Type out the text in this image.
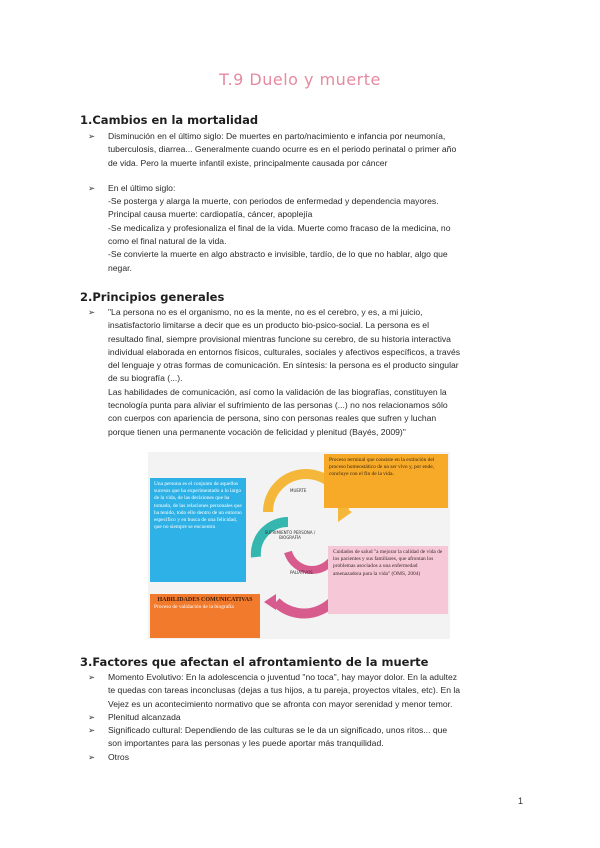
T.9 Duelo y muerte
1.Cambios en la mortalidad
➢ Disminución en el último siglo: De muertes en parto/nacimiento e infancia por neumonía,
tuberculosis, diarrea... Generalmente cuando ocurre es en el periodo perinatal o primer año
de vida. Pero la muerte infantil existe, principalmente causada por cáncer
➢ En el último siglo:
-Se posterga y alarga la muerte, con periodos de enfermedad y dependencia mayores.
Principal causa muerte: cardiopatía, cáncer, apoplejía
-Se medicaliza y profesionaliza el final de la vida. Muerte como fracaso de la medicina, no
como el final natural de la vida.
-Se convierte la muerte en algo abstracto e invisible, tardío, de lo que no hablar, algo que
negar.
2.Principios generales
➢ "La persona no es el organismo, no es la mente, no es el cerebro, y es, a mi juicio,
insatisfactorio limitarse a decir que es un producto bio-psico-social. La persona es el
resultado final, siempre provisional mientras funcione su cerebro, de su historia interactiva
individual elaborada en entornos físicos, culturales, sociales y afectivos específicos, a través
del lenguaje y otras formas de comunicación. En síntesis: la persona es el producto singular
de su biografía (...).
Las habilidades de comunicación, así como la validación de las biografías, constituyen la
tecnología punta para aliviar el sufrimiento de las personas (...) no nos relacionamos sólo
con cuerpos con apariencia de persona, sino con personas reales que sufren y luchan
porque tienen una permanente vocación de felicidad y plenitud (Bayés, 2009)"
MUERTE
SUFRIMIENTO PERSONA / BIOGRAFÍA
PALIATIVOS
Una persona es el conjunto de aquellos sucesos que ha experimentado a lo largo de la vida, de las decisiones que ha tomado, de las relaciones personales que ha tenido, todo ello dentro de un entorno específico y en busca de una felicidad, que no siempre se encuentra
Proceso terminal que consiste en la extinción del proceso homeostático de un ser vivo y, por ende, concluye con el fin de la vida.
Cuidados de salud "a mejorar la calidad de vida de los pacientes y sus familiares, que afrontan los problemas asociados a una enfermedad amenazadora para la vida" (OMS, 2004)
HABILIDADES COMUNICATIVAS
Proceso de validación de la biografía
3.Factores que afectan el afrontamiento de la muerte
➢ Momento Evolutivo: En la adolescencia o juventud "no toca", hay mayor dolor. En la adultez
te quedas con tareas inconclusas (dejas a tus hijos, a tu pareja, proyectos vitales, etc). En la
Vejez es un acontecimiento normativo que se afronta con mayor serenidad y menor temor.
➢ Plenitud alcanzada
➢ Significado cultural: Dependiendo de las culturas se le da un significado, unos ritos... que
son importantes para las personas y les puede aportar más tranquilidad.
➢ Otros
1
